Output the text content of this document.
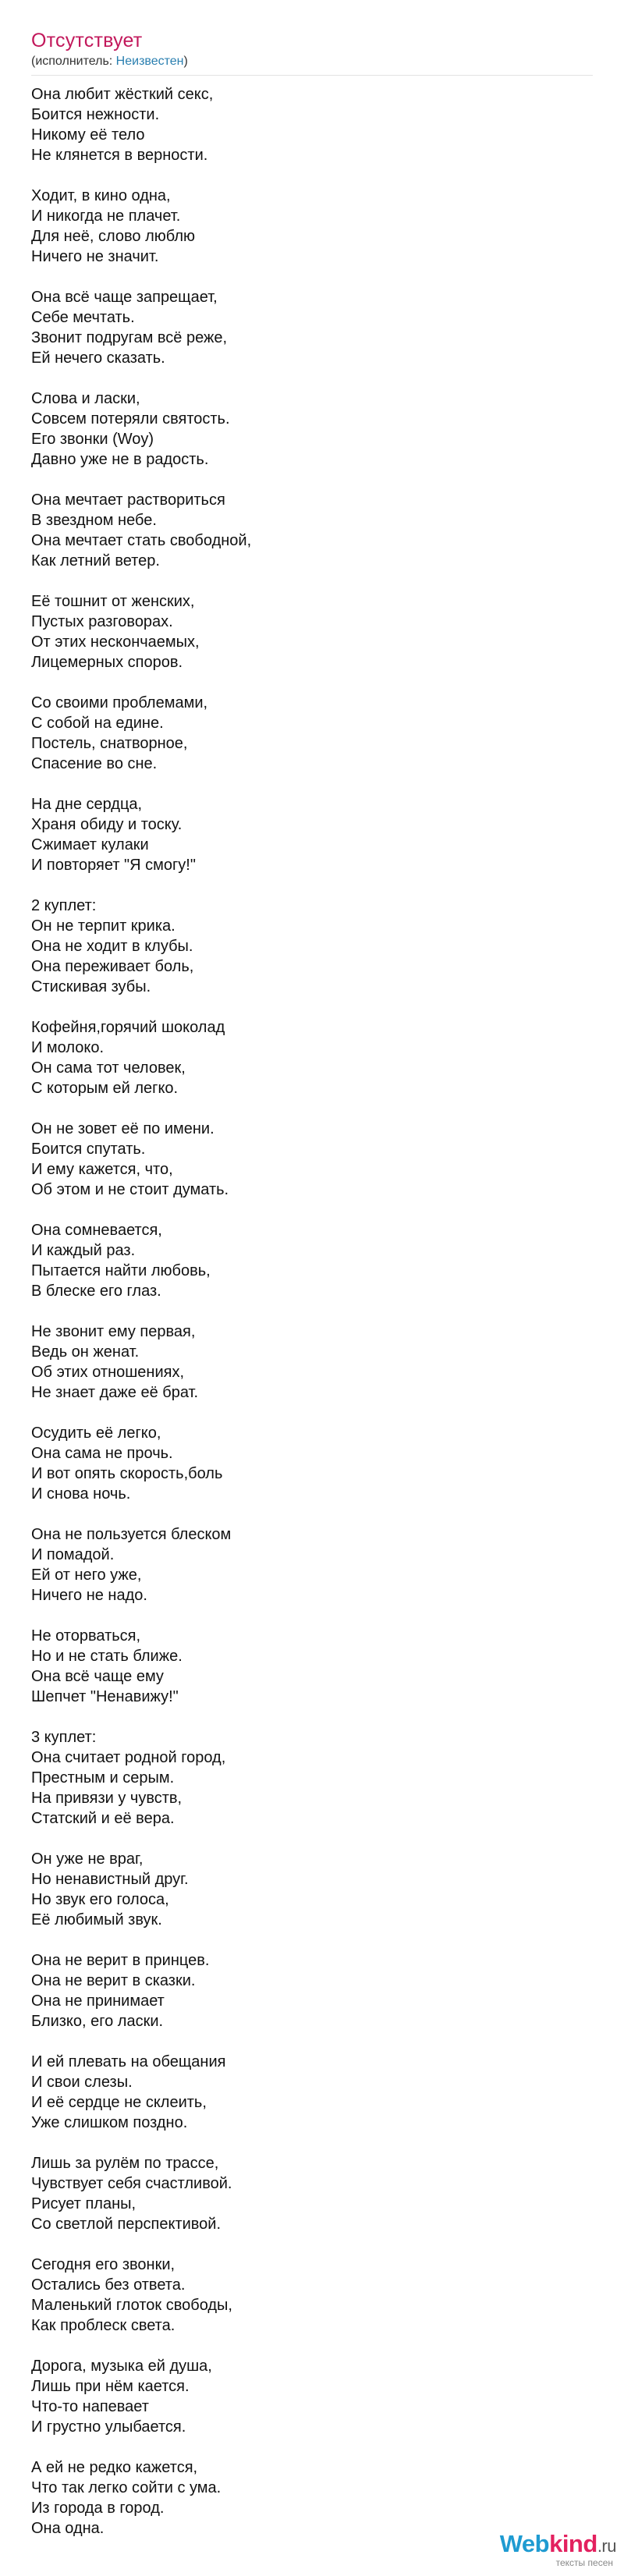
Отсутствует
(исполнитель: Неизвестен)
Она любит жёсткий секс,
Боится нежности.
Никому её тело
Не клянется в верности.
Ходит, в кино одна,
И никогда не плачет.
Для неё, слово люблю
Ничего не значит.
Она всё чаще запрещает,
Себе мечтать.
Звонит подругам всё реже,
Ей нечего сказать.
Слова и ласки,
Совсем потеряли святость.
Его звонки (Woy)
Давно уже не в радость.
Она мечтает раствориться
В звездном небе.
Она мечтает стать свободной,
Как летний ветер.
Её тошнит от женских,
Пустых разговорах.
От этих нескончаемых,
Лицемерных споров.
Со своими проблемами,
С собой на едине.
Постель, снатворное,
Спасение во сне.
На дне сердца,
Храня обиду и тоску.
Сжимает кулаки
И повторяет "Я смогу!"
2 куплет:
Он не терпит крика.
Она не ходит в клубы.
Она переживает боль,
Стискивая зубы.
Кофейня,горячий шоколад
И молоко.
Он сама тот человек,
С которым ей легко.
Он не зовет её по имени.
Боится спутать.
И ему кажется, что,
Об этом и не стоит думать.
Она сомневается,
И каждый раз.
Пытается найти любовь,
В блеске его глаз.
Не звонит ему первая,
Ведь он женат.
Об этих отношениях,
Не знает даже её брат.
Осудить её легко,
Она сама не прочь.
И вот опять скорость,боль
И снова ночь.
Она не пользуется блеском
И помадой.
Ей от него уже,
Ничего не надо.
Не оторваться,
Но и не стать ближе.
Она всё чаще ему
Шепчет "Ненавижу!"
3 куплет:
Она считает родной город,
Престным и серым.
На привязи у чувств,
Статский и её вера.
Он уже не враг,
Но ненавистный друг.
Но звук его голоса,
Её любимый звук.
Она не верит в принцев.
Она не верит в сказки.
Она не принимает
Близко, его ласки.
И ей плевать на обещания
И свои слезы.
И её сердце не склеить,
Уже слишком поздно.
Лишь за рулём по трассе,
Чувствует себя счастливой.
Рисует планы,
Со светлой перспективой.
Сегодня его звонки,
Остались без ответа.
Маленький глоток свободы,
Как проблеск света.
Дорога, музыка ей душа,
Лишь при нём кается.
Что-то напевает
И грустно улыбается.
А ей не редко кажется,
Что так легко сойти с ума.
Из города в город.
Она одна.
Webkind.ru
тексты песен
